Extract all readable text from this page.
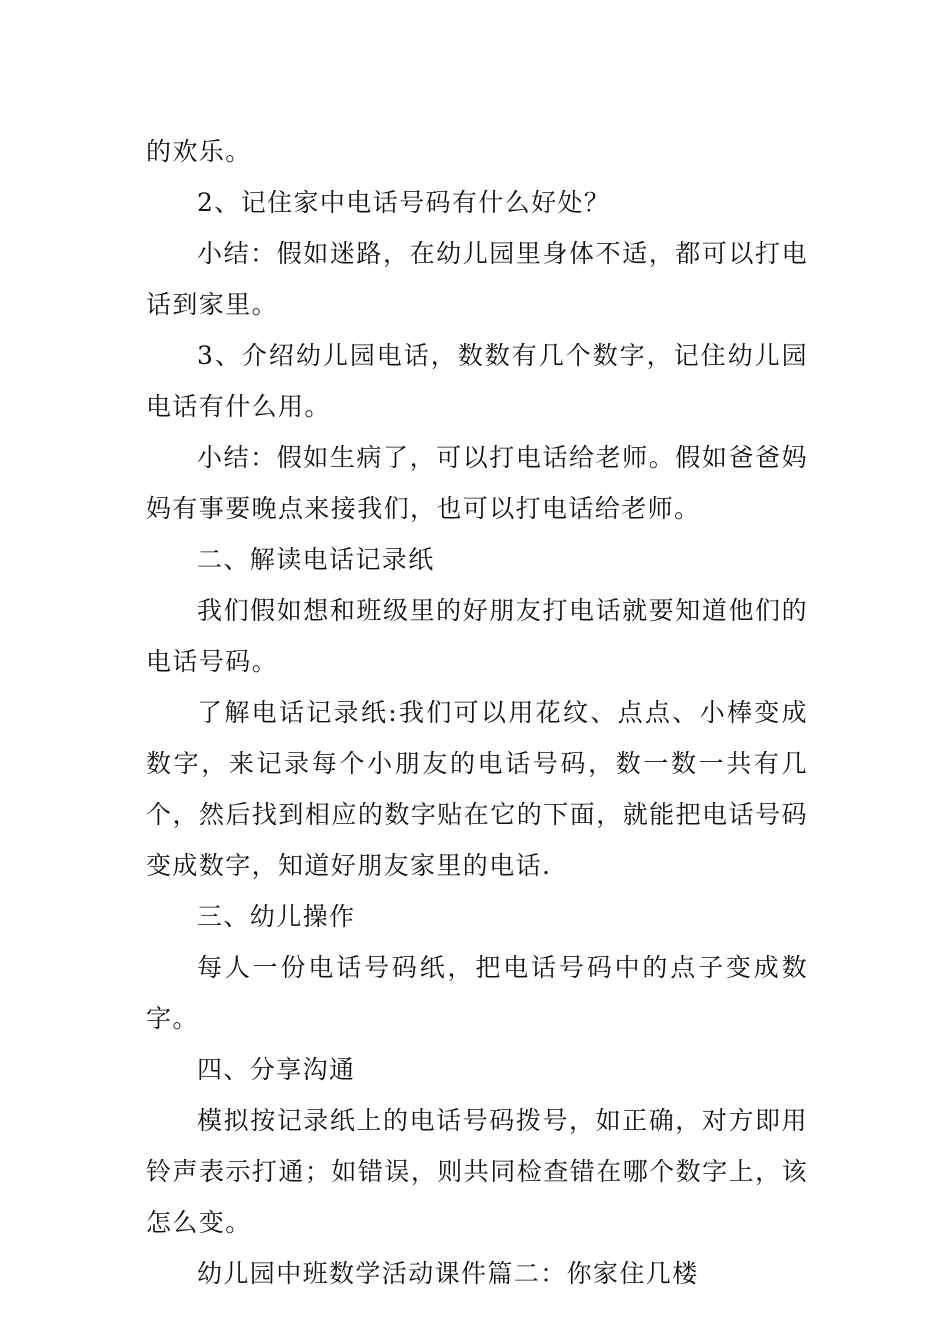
的欢乐。

2、记住家中电话号码有什么好处？

小结：假如迷路，在幼儿园里身体不适，都可以打电话到家里。

3、介绍幼儿园电话，数数有几个数字，记住幼儿园电话有什么用。

小结：假如生病了，可以打电话给老师。假如爸爸妈妈有事要晚点来接我们，也可以打电话给老师。

二、解读电话记录纸

我们假如想和班级里的好朋友打电话就要知道他们的电话号码。

了解电话记录纸:我们可以用花纹、点点、小棒变成数字，来记录每个小朋友的电话号码，数一数一共有几个，然后找到相应的数字贴在它的下面，就能把电话号码变成数字，知道好朋友家里的电话.

三、幼儿操作

每人一份电话号码纸，把电话号码中的点子变成数字。

四、分享沟通

模拟按记录纸上的电话号码拨号，如正确，对方即用铃声表示打通；如错误，则共同检查错在哪个数字上，该怎么变。

幼儿园中班数学活动课件篇二：你家住几楼
